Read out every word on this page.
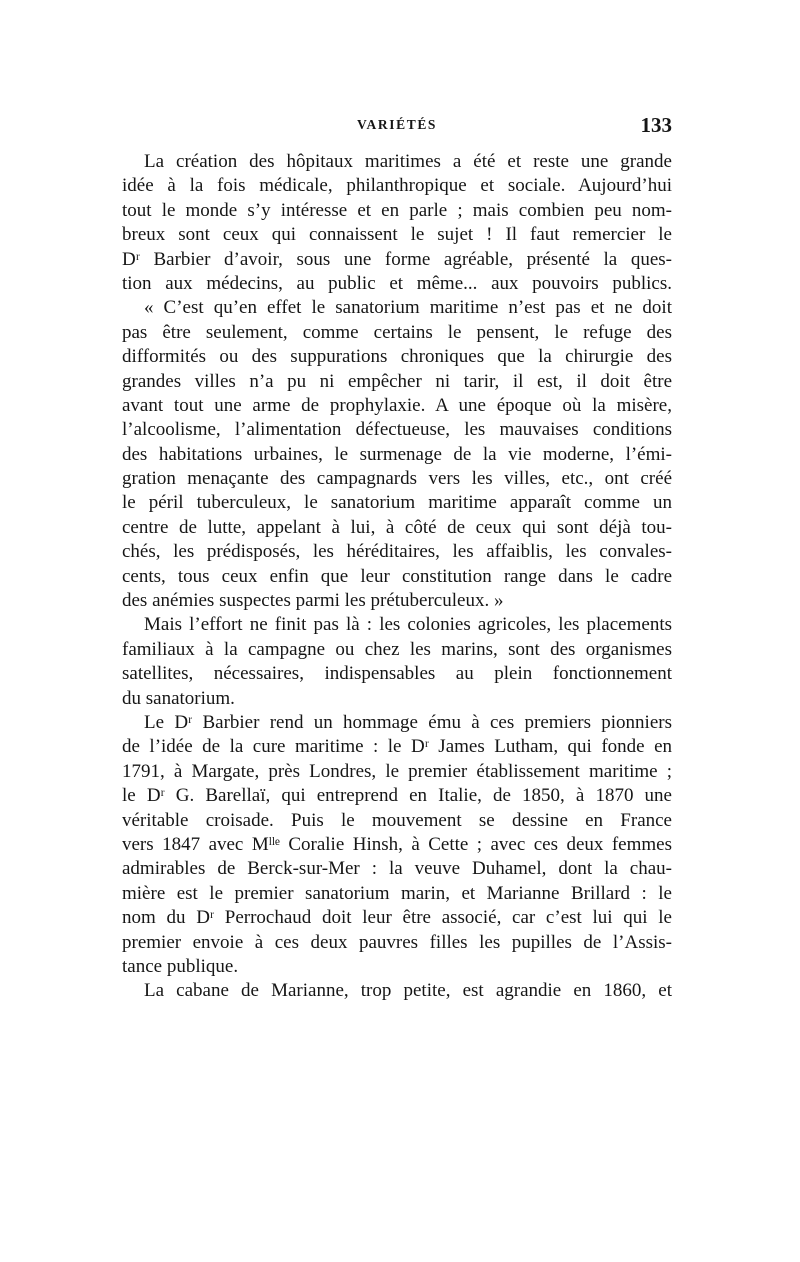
VARIÉTÉS	133
La création des hôpitaux maritimes a été et reste une grande
idée à la fois médicale, philanthropique et sociale. Aujourd’hui
tout le monde s’y intéresse et en parle ; mais combien peu nom-
breux sont ceux qui connaissent le sujet ! Il faut remercier le
Dʳ Barbier d’avoir, sous une forme agréable, présenté la ques-
tion aux médecins, au public et même... aux pouvoirs publics.
« C’est qu’en effet le sanatorium maritime n’est pas et ne doit
pas être seulement, comme certains le pensent, le refuge des
difformités ou des suppurations chroniques que la chirurgie des
grandes villes n’a pu ni empêcher ni tarir, il est, il doit être
avant tout une arme de prophylaxie. A une époque où la misère,
l’alcoolisme, l’alimentation défectueuse, les mauvaises conditions
des habitations urbaines, le surmenage de la vie moderne, l’émi-
gration menaçante des campagnards vers les villes, etc., ont créé
le péril tuberculeux, le sanatorium maritime apparaît comme un
centre de lutte, appelant à lui, à côté de ceux qui sont déjà tou-
chés, les prédisposés, les héréditaires, les affaiblis, les convales-
cents, tous ceux enfin que leur constitution range dans le cadre
des anémies suspectes parmi les prétuberculeux. »
Mais l’effort ne finit pas là : les colonies agricoles, les placements
familiaux à la campagne ou chez les marins, sont des organismes
satellites, nécessaires, indispensables au plein fonctionnement
du sanatorium.
Le Dʳ Barbier rend un hommage ému à ces premiers pionniers
de l’idée de la cure maritime : le Dʳ James Lutham, qui fonde en
1791, à Margate, près Londres, le premier établissement maritime ;
le Dʳ G. Barellaï, qui entreprend en Italie, de 1850, à 1870 une
véritable croisade. Puis le mouvement se dessine en France
vers 1847 avec Mˡˡᵉ Coralie Hinsh, à Cette ; avec ces deux femmes
admirables de Berck-sur-Mer : la veuve Duhamel, dont la chau-
mière est le premier sanatorium marin, et Marianne Brillard : le
nom du Dʳ Perrochaud doit leur être associé, car c’est lui qui le
premier envoie à ces deux pauvres filles les pupilles de l’Assis-
tance publique.
La cabane de Marianne, trop petite, est agrandie en 1860, et
